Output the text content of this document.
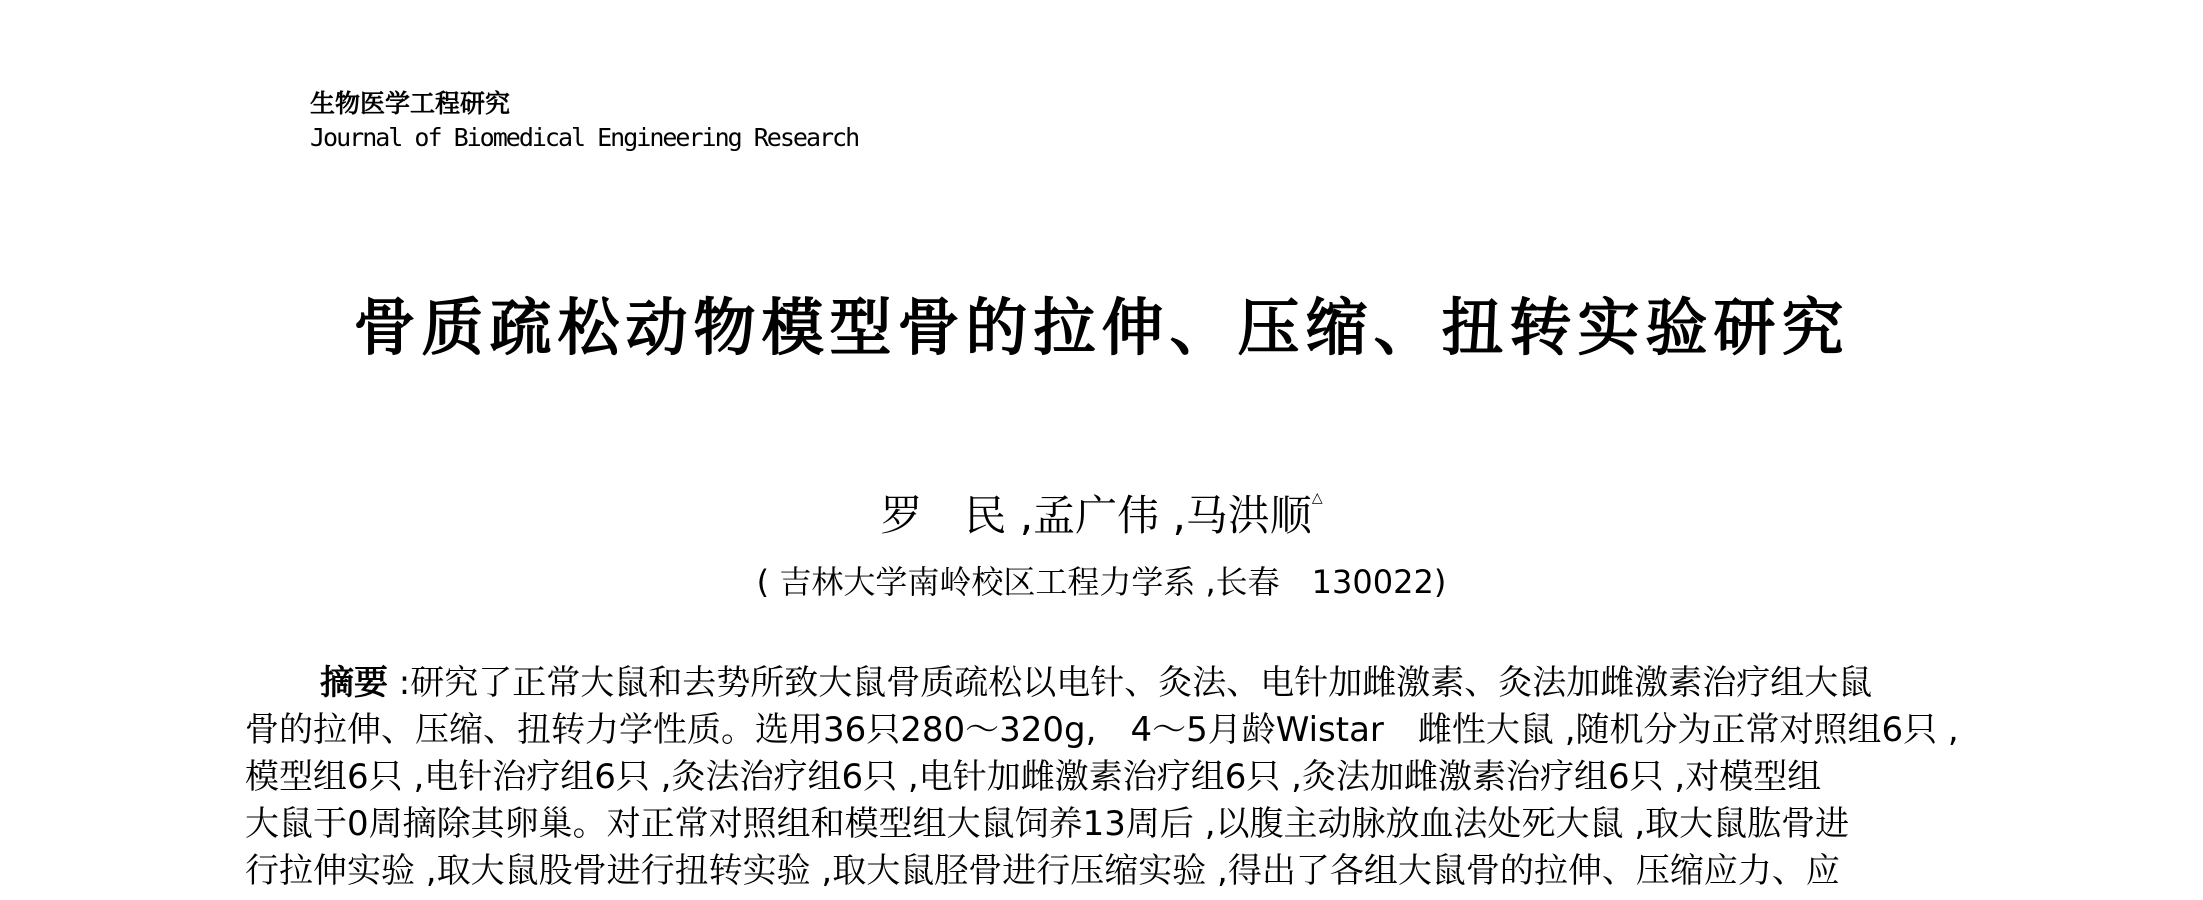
生物医学工程研究
Journal of Biomedical Engineering Research
骨质疏松动物模型骨的拉伸、压缩、扭转实验研究
罗　民 ,孟广伟 ,马洪顺△
( 吉林大学南岭校区工程力学系 ,长春　130022)
摘要 :研究了正常大鼠和去势所致大鼠骨质疏松以电针、灸法、电针加雌激素、灸法加雌激素治疗组大鼠
骨的拉伸、压缩、扭转力学性质。选用36只280～320g,　4～5月龄Wistar　雌性大鼠 ,随机分为正常对照组6只 ,
模型组6只 ,电针治疗组6只 ,灸法治疗组6只 ,电针加雌激素治疗组6只 ,灸法加雌激素治疗组6只 ,对模型组
大鼠于0周摘除其卵巢。对正常对照组和模型组大鼠饲养13周后 ,以腹主动脉放血法处死大鼠 ,取大鼠肱骨进
行拉伸实验 ,取大鼠股骨进行扭转实验 ,取大鼠胫骨进行压缩实验 ,得出了各组大鼠骨的拉伸、压缩应力、应
